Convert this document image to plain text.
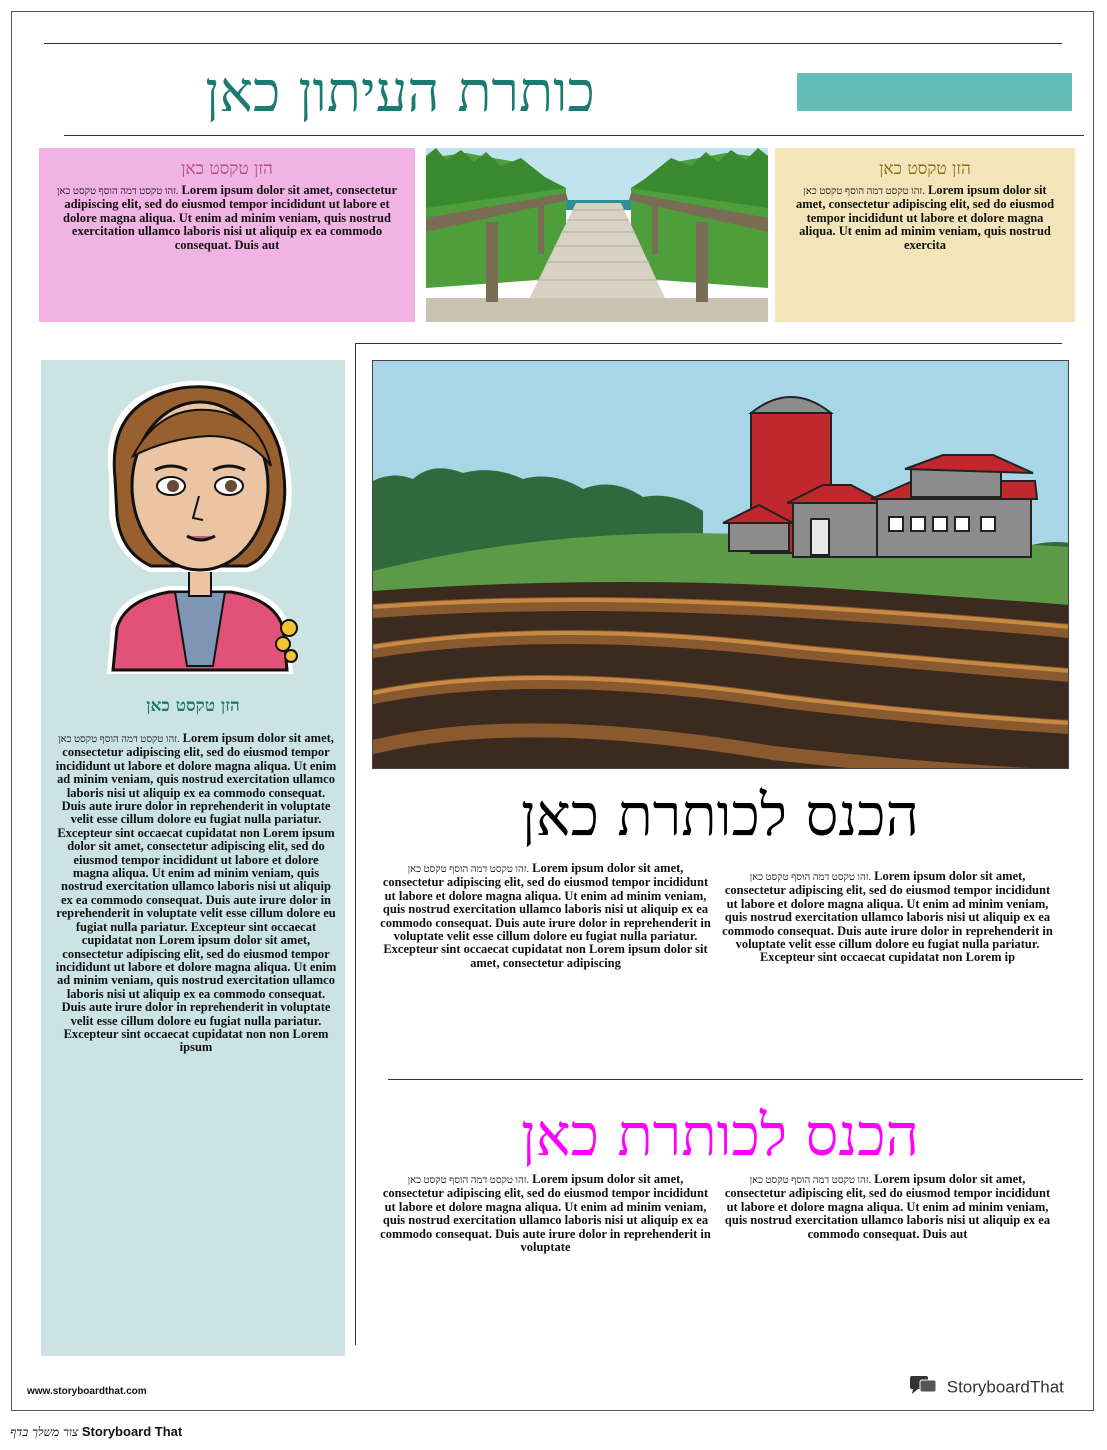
כותרת העיתון כאן
הזן טקסט כאן
זהו טקסט דמה הוסף טקסט כאן. Lorem ipsum dolor sit amet, consectetur adipiscing elit, sed do eiusmod tempor incididunt ut labore et dolore magna aliqua. Ut enim ad minim veniam, quis nostrud exercitation ullamco laboris nisi ut aliquip ex ea commodo consequat. Duis aut
הזן טקסט כאן
זהו טקסט דמה הוסף טקסט כאן. Lorem ipsum dolor sit amet, consectetur adipiscing elit, sed do eiusmod tempor incididunt ut labore et dolore magna aliqua. Ut enim ad minim veniam, quis nostrud exercita
הזן טקסט כאן
זהו טקסט דמה הוסף טקסט כאן. Lorem ipsum dolor sit amet, consectetur adipiscing elit, sed do eiusmod tempor incididunt ut labore et dolore magna aliqua. Ut enim ad minim veniam, quis nostrud exercitation ullamco laboris nisi ut aliquip ex ea commodo consequat. Duis aute irure dolor in reprehenderit in voluptate velit esse cillum dolore eu fugiat nulla pariatur. Excepteur sint occaecat cupidatat non Lorem ipsum dolor sit amet, consectetur adipiscing elit, sed do eiusmod tempor incididunt ut labore et dolore magna aliqua. Ut enim ad minim veniam, quis nostrud exercitation ullamco laboris nisi ut aliquip ex ea commodo consequat. Duis aute irure dolor in reprehenderit in voluptate velit esse cillum dolore eu fugiat nulla pariatur. Excepteur sint occaecat cupidatat non Lorem ipsum dolor sit amet, consectetur adipiscing elit, sed do eiusmod tempor incididunt ut labore et dolore magna aliqua. Ut enim ad minim veniam, quis nostrud exercitation ullamco laboris nisi ut aliquip ex ea commodo consequat. Duis aute irure dolor in reprehenderit in voluptate velit esse cillum dolore eu fugiat nulla pariatur. Excepteur sint occaecat cupidatat non non Lorem ipsum
הכנס לכותרת כאן
זהו טקסט דמה הוסף טקסט כאן. Lorem ipsum dolor sit amet, consectetur adipiscing elit, sed do eiusmod tempor incididunt ut labore et dolore magna aliqua. Ut enim ad minim veniam, quis nostrud exercitation ullamco laboris nisi ut aliquip ex ea commodo consequat. Duis aute irure dolor in reprehenderit in voluptate velit esse cillum dolore eu fugiat nulla pariatur. Excepteur sint occaecat cupidatat non Lorem ip
זהו טקסט דמה הוסף טקסט כאן. Lorem ipsum dolor sit amet, consectetur adipiscing elit, sed do eiusmod tempor incididunt ut labore et dolore magna aliqua. Ut enim ad minim veniam, quis nostrud exercitation ullamco laboris nisi ut aliquip ex ea commodo consequat. Duis aute irure dolor in reprehenderit in voluptate velit esse cillum dolore eu fugiat nulla pariatur. Excepteur sint occaecat cupidatat non Lorem ipsum dolor sit amet, consectetur adipiscing
הכנס לכותרת כאן
זהו טקסט דמה הוסף טקסט כאן. Lorem ipsum dolor sit amet, consectetur adipiscing elit, sed do eiusmod tempor incididunt ut labore et dolore magna aliqua. Ut enim ad minim veniam, quis nostrud exercitation ullamco laboris nisi ut aliquip ex ea commodo consequat. Duis aut
זהו טקסט דמה הוסף טקסט כאן. Lorem ipsum dolor sit amet, consectetur adipiscing elit, sed do eiusmod tempor incididunt ut labore et dolore magna aliqua. Ut enim ad minim veniam, quis nostrud exercitation ullamco laboris nisi ut aliquip ex ea commodo consequat. Duis aute irure dolor in reprehenderit in voluptate
www.storyboardthat.com	StoryboardThat
צור משלך בדף Storyboard That
